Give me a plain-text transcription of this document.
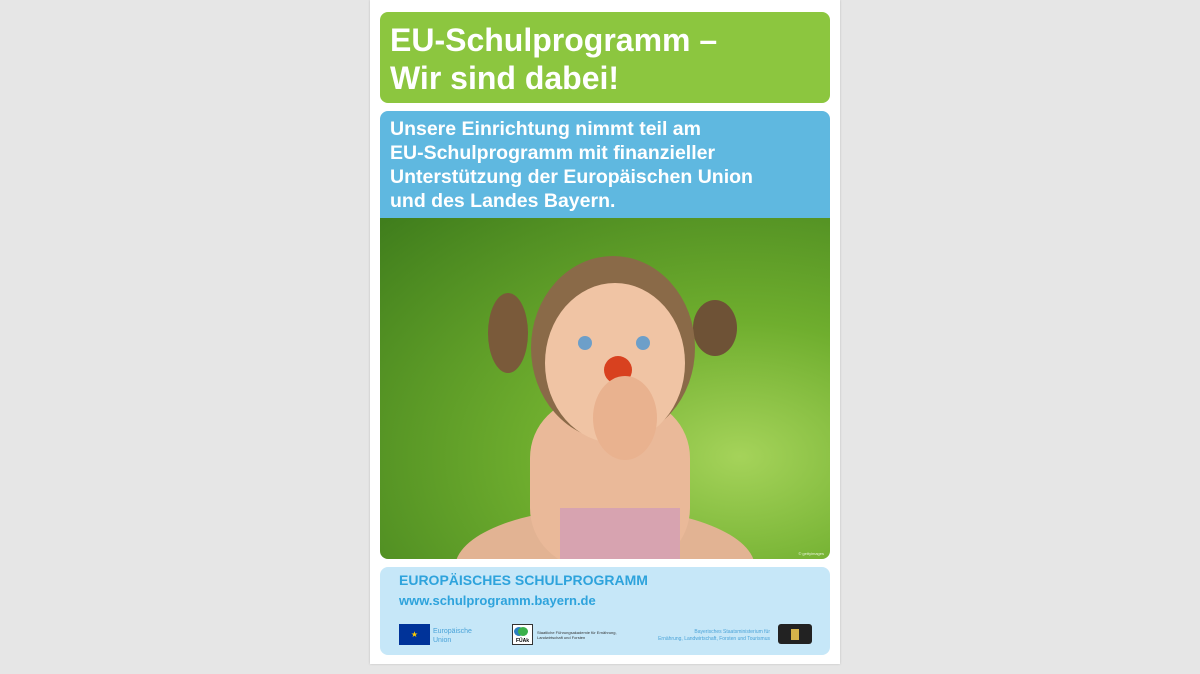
EU-Schulprogramm –
Wir sind dabei!
Unsere Einrichtung nimmt teil am
EU-Schulprogramm mit finanzieller
Unterstützung der Europäischen Union
und des Landes Bayern.
© gettyimages
EUROPÄISCHES SCHULPROGRAMM
www.schulprogramm.bayern.de
★	Europäische Union	FÜAk
Staatliche Führungsakademie für Ernährung, Landwirtschaft und Forsten
Bayerisches Staatsministerium für
Ernährung, Landwirtschaft, Forsten und Tourismus
